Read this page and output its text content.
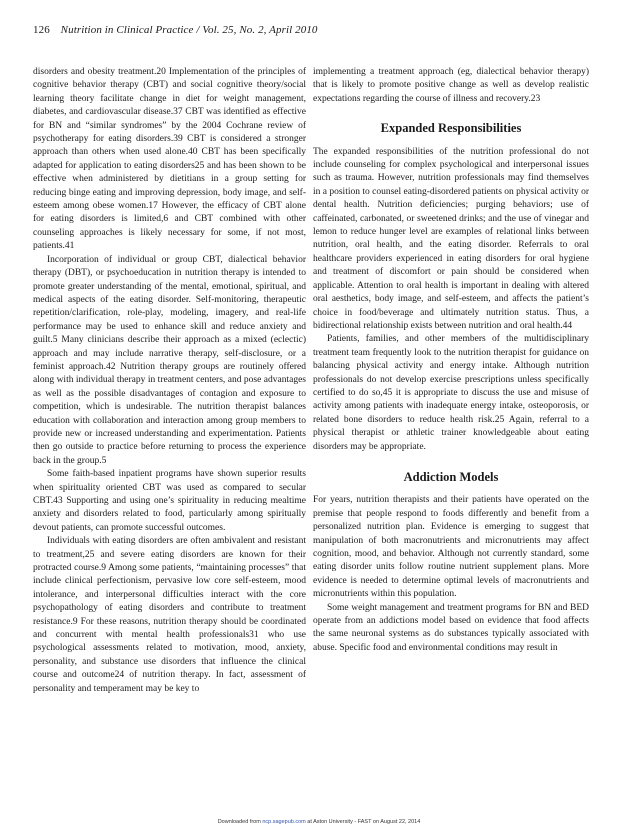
126 Nutrition in Clinical Practice / Vol. 25, No. 2, April 2010

disorders and obesity treatment.20 Implementation of the principles of cognitive behavior therapy (CBT) and social cognitive theory/social learning theory facilitate change in diet for weight management, diabetes, and cardiovascular disease.37 CBT was identified as effective for BN and “similar syndromes” by the 2004 Cochrane review of psychotherapy for eating disorders.39 CBT is considered a stronger approach than others when used alone.40 CBT has been specifically adapted for application to eating disorders25 and has been shown to be effective when administered by dietitians in a group setting for reducing binge eating and improving depression, body image, and self-esteem among obese women.17 However, the efficacy of CBT alone for eating disorders is limited,6 and CBT combined with other counseling approaches is likely necessary for some, if not most, patients.41

Incorporation of individual or group CBT, dialectical behavior therapy (DBT), or psychoeducation in nutrition therapy is intended to promote greater understanding of the mental, emotional, spiritual, and medical aspects of the eating disorder. Self-monitoring, therapeutic repetition/clarification, role-play, modeling, imagery, and real-life performance may be used to enhance skill and reduce anxiety and guilt.5 Many clinicians describe their approach as a mixed (eclectic) approach and may include narrative therapy, self-disclosure, or a feminist approach.42 Nutrition therapy groups are routinely offered along with individual therapy in treatment centers, and pose advantages as well as the possible disadvantages of contagion and exposure to competition, which is undesirable. The nutrition therapist balances education with collaboration and interaction among group members to provide new or increased understanding and experimentation. Patients then go outside to practice before returning to process the experience back in the group.5

Some faith-based inpatient programs have shown superior results when spirituality oriented CBT was used as compared to secular CBT.43 Supporting and using one’s spirituality in reducing mealtime anxiety and disorders related to food, particularly among spiritually devout patients, can promote successful outcomes.

Individuals with eating disorders are often ambivalent and resistant to treatment,25 and severe eating disorders are known for their protracted course.9 Among some patients, “maintaining processes” that include clinical perfectionism, pervasive low core self-esteem, mood intolerance, and interpersonal difficulties interact with the core psychopathology of eating disorders and contribute to treatment resistance.9 For these reasons, nutrition therapy should be coordinated and concurrent with mental health professionals31 who use psychological assessments related to motivation, mood, anxiety, personality, and substance use disorders that influence the clinical course and outcome24 of nutrition therapy. In fact, assessment of personality and temperament may be key to

implementing a treatment approach (eg, dialectical behavior therapy) that is likely to promote positive change as well as develop realistic expectations regarding the course of illness and recovery.23

Expanded Responsibilities

The expanded responsibilities of the nutrition professional do not include counseling for complex psychological and interpersonal issues such as trauma. However, nutrition professionals may find themselves in a position to counsel eating-disordered patients on physical activity or dental health. Nutrition deficiencies; purging behaviors; use of caffeinated, carbonated, or sweetened drinks; and the use of vinegar and lemon to reduce hunger level are examples of relational links between nutrition, oral health, and the eating disorder. Referrals to oral healthcare providers experienced in eating disorders for oral hygiene and treatment of discomfort or pain should be considered when applicable. Attention to oral health is important in dealing with altered oral aesthetics, body image, and self-esteem, and affects the patient’s choice in food/beverage and ultimately nutrition status. Thus, a bidirectional relationship exists between nutrition and oral health.44

Patients, families, and other members of the multidisciplinary treatment team frequently look to the nutrition therapist for guidance on balancing physical activity and energy intake. Although nutrition professionals do not develop exercise prescriptions unless specifically certified to do so,45 it is appropriate to discuss the use and misuse of activity among patients with inadequate energy intake, osteoporosis, or related bone disorders to reduce health risk.25 Again, referral to a physical therapist or athletic trainer knowledgeable about eating disorders may be appropriate.

Addiction Models

For years, nutrition therapists and their patients have operated on the premise that people respond to foods differently and benefit from a personalized nutrition plan. Evidence is emerging to suggest that manipulation of both macronutrients and micronutrients may affect cognition, mood, and behavior. Although not currently standard, some eating disorder units follow routine nutrient supplement plans. More evidence is needed to determine optimal levels of macronutrients and micronutrients within this population.

Some weight management and treatment programs for BN and BED operate from an addictions model based on evidence that food affects the same neuronal systems as do substances typically associated with abuse. Specific food and environmental conditions may result in

Downloaded from ncp.sagepub.com at Aston University - FAST on August 22, 2014
